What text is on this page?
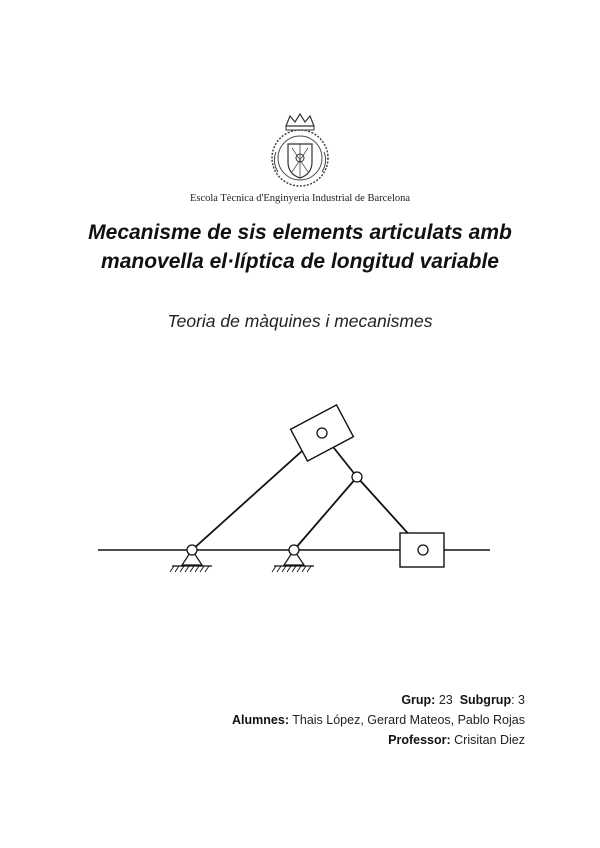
Escola Tècnica d'Enginyeria Industrial de Barcelona
Mecanisme de sis elements articulats amb
manovella el·líptica de longitud variable
Teoria de màquines i mecanismes
Grup: 23 Subgrup: 3
Alumnes: Thais López, Gerard Mateos, Pablo Rojas
Professor: Crisitan Diez
